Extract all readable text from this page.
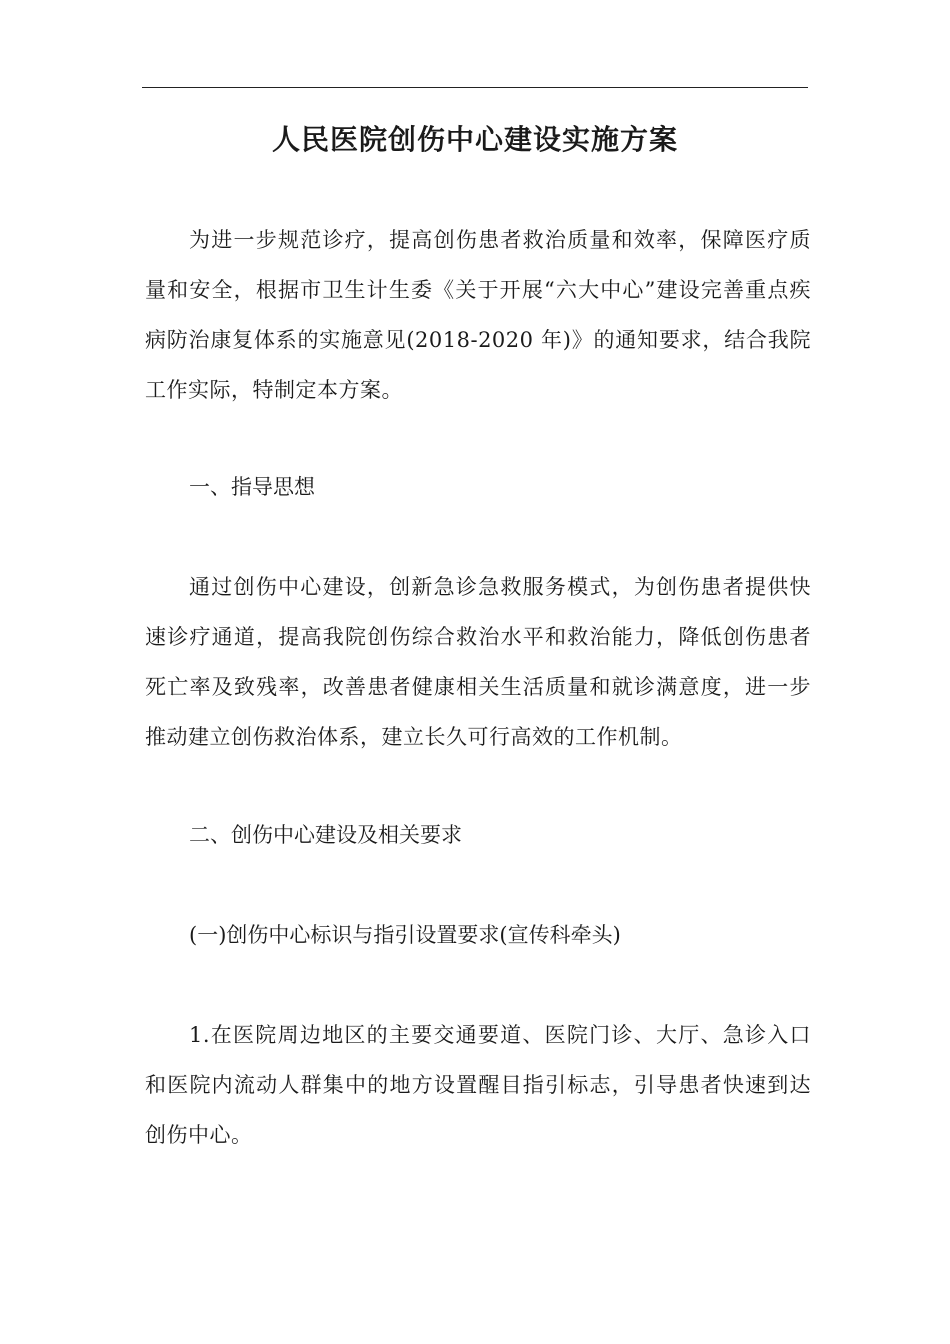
人民医院创伤中心建设实施方案

为进一步规范诊疗，提高创伤患者救治质量和效率，保障医疗质量和安全，根据市卫生计生委《关于开展“六大中心”建设完善重点疾病防治康复体系的实施意见(2018-2020 年)》的通知要求，结合我院工作实际，特制定本方案。

一、指导思想

通过创伤中心建设，创新急诊急救服务模式，为创伤患者提供快速诊疗通道，提高我院创伤综合救治水平和救治能力，降低创伤患者死亡率及致残率，改善患者健康相关生活质量和就诊满意度，进一步推动建立创伤救治体系，建立长久可行高效的工作机制。

二、创伤中心建设及相关要求

(一)创伤中心标识与指引设置要求(宣传科牵头)

1.在医院周边地区的主要交通要道、医院门诊、大厅、急诊入口和医院内流动人群集中的地方设置醒目指引标志，引导患者快速到达创伤中心。
